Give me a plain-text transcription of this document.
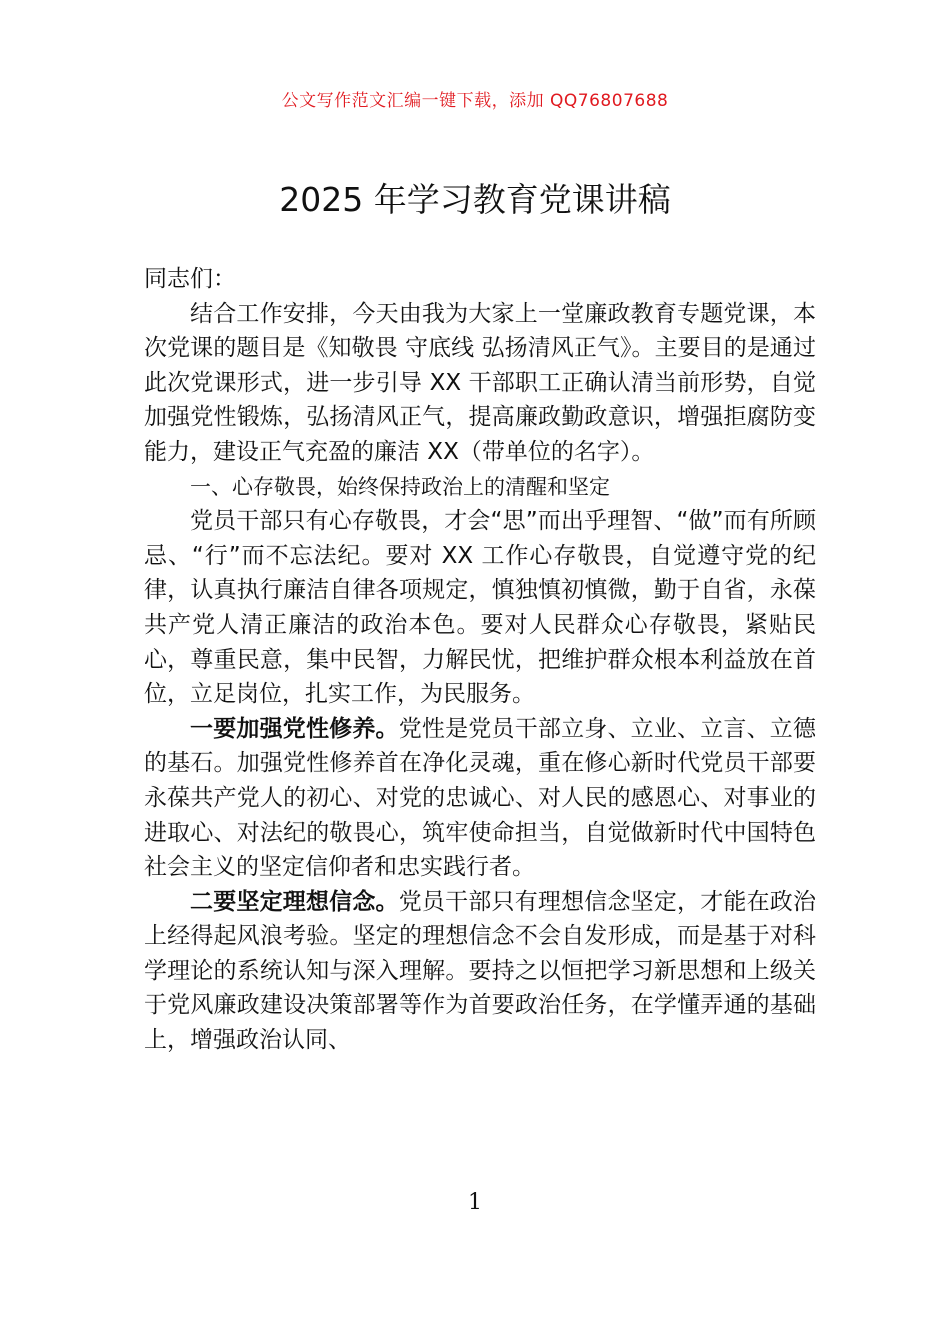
公文写作范文汇编一键下载，添加 QQ76807688
2025 年学习教育党课讲稿

同志们：

结合工作安排，今天由我为大家上一堂廉政教育专题党课，本次党课的题目是《知敬畏 守底线 弘扬清风正气》。主要目的是通过此次党课形式，进一步引导 XX 干部职工正确认清当前形势，自觉加强党性锻炼，弘扬清风正气，提高廉政勤政意识，增强拒腐防变能力，建设正气充盈的廉洁 XX（带单位的名字）。

一、心存敬畏，始终保持政治上的清醒和坚定

党员干部只有心存敬畏，才会“思”而出乎理智、“做”而有所顾忌、“行”而不忘法纪。要对 XX 工作心存敬畏，自觉遵守党的纪律，认真执行廉洁自律各项规定，慎独慎初慎微，勤于自省，永葆共产党人清正廉洁的政治本色。要对人民群众心存敬畏，紧贴民心，尊重民意，集中民智，力解民忧，把维护群众根本利益放在首位，立足岗位，扎实工作，为民服务。

一要加强党性修养。党性是党员干部立身、立业、立言、立德的基石。加强党性修养首在净化灵魂，重在修心新时代党员干部要永葆共产党人的初心、对党的忠诚心、对人民的感恩心、对事业的进取心、对法纪的敬畏心，筑牢使命担当，自觉做新时代中国特色社会主义的坚定信仰者和忠实践行者。

二要坚定理想信念。党员干部只有理想信念坚定，才能在政治上经得起风浪考验。坚定的理想信念不会自发形成，而是基于对科学理论的系统认知与深入理解。要持之以恒把学习新思想和上级关于党风廉政建设决策部署等作为首要政治任务，在学懂弄通的基础上，增强政治认同、

1
